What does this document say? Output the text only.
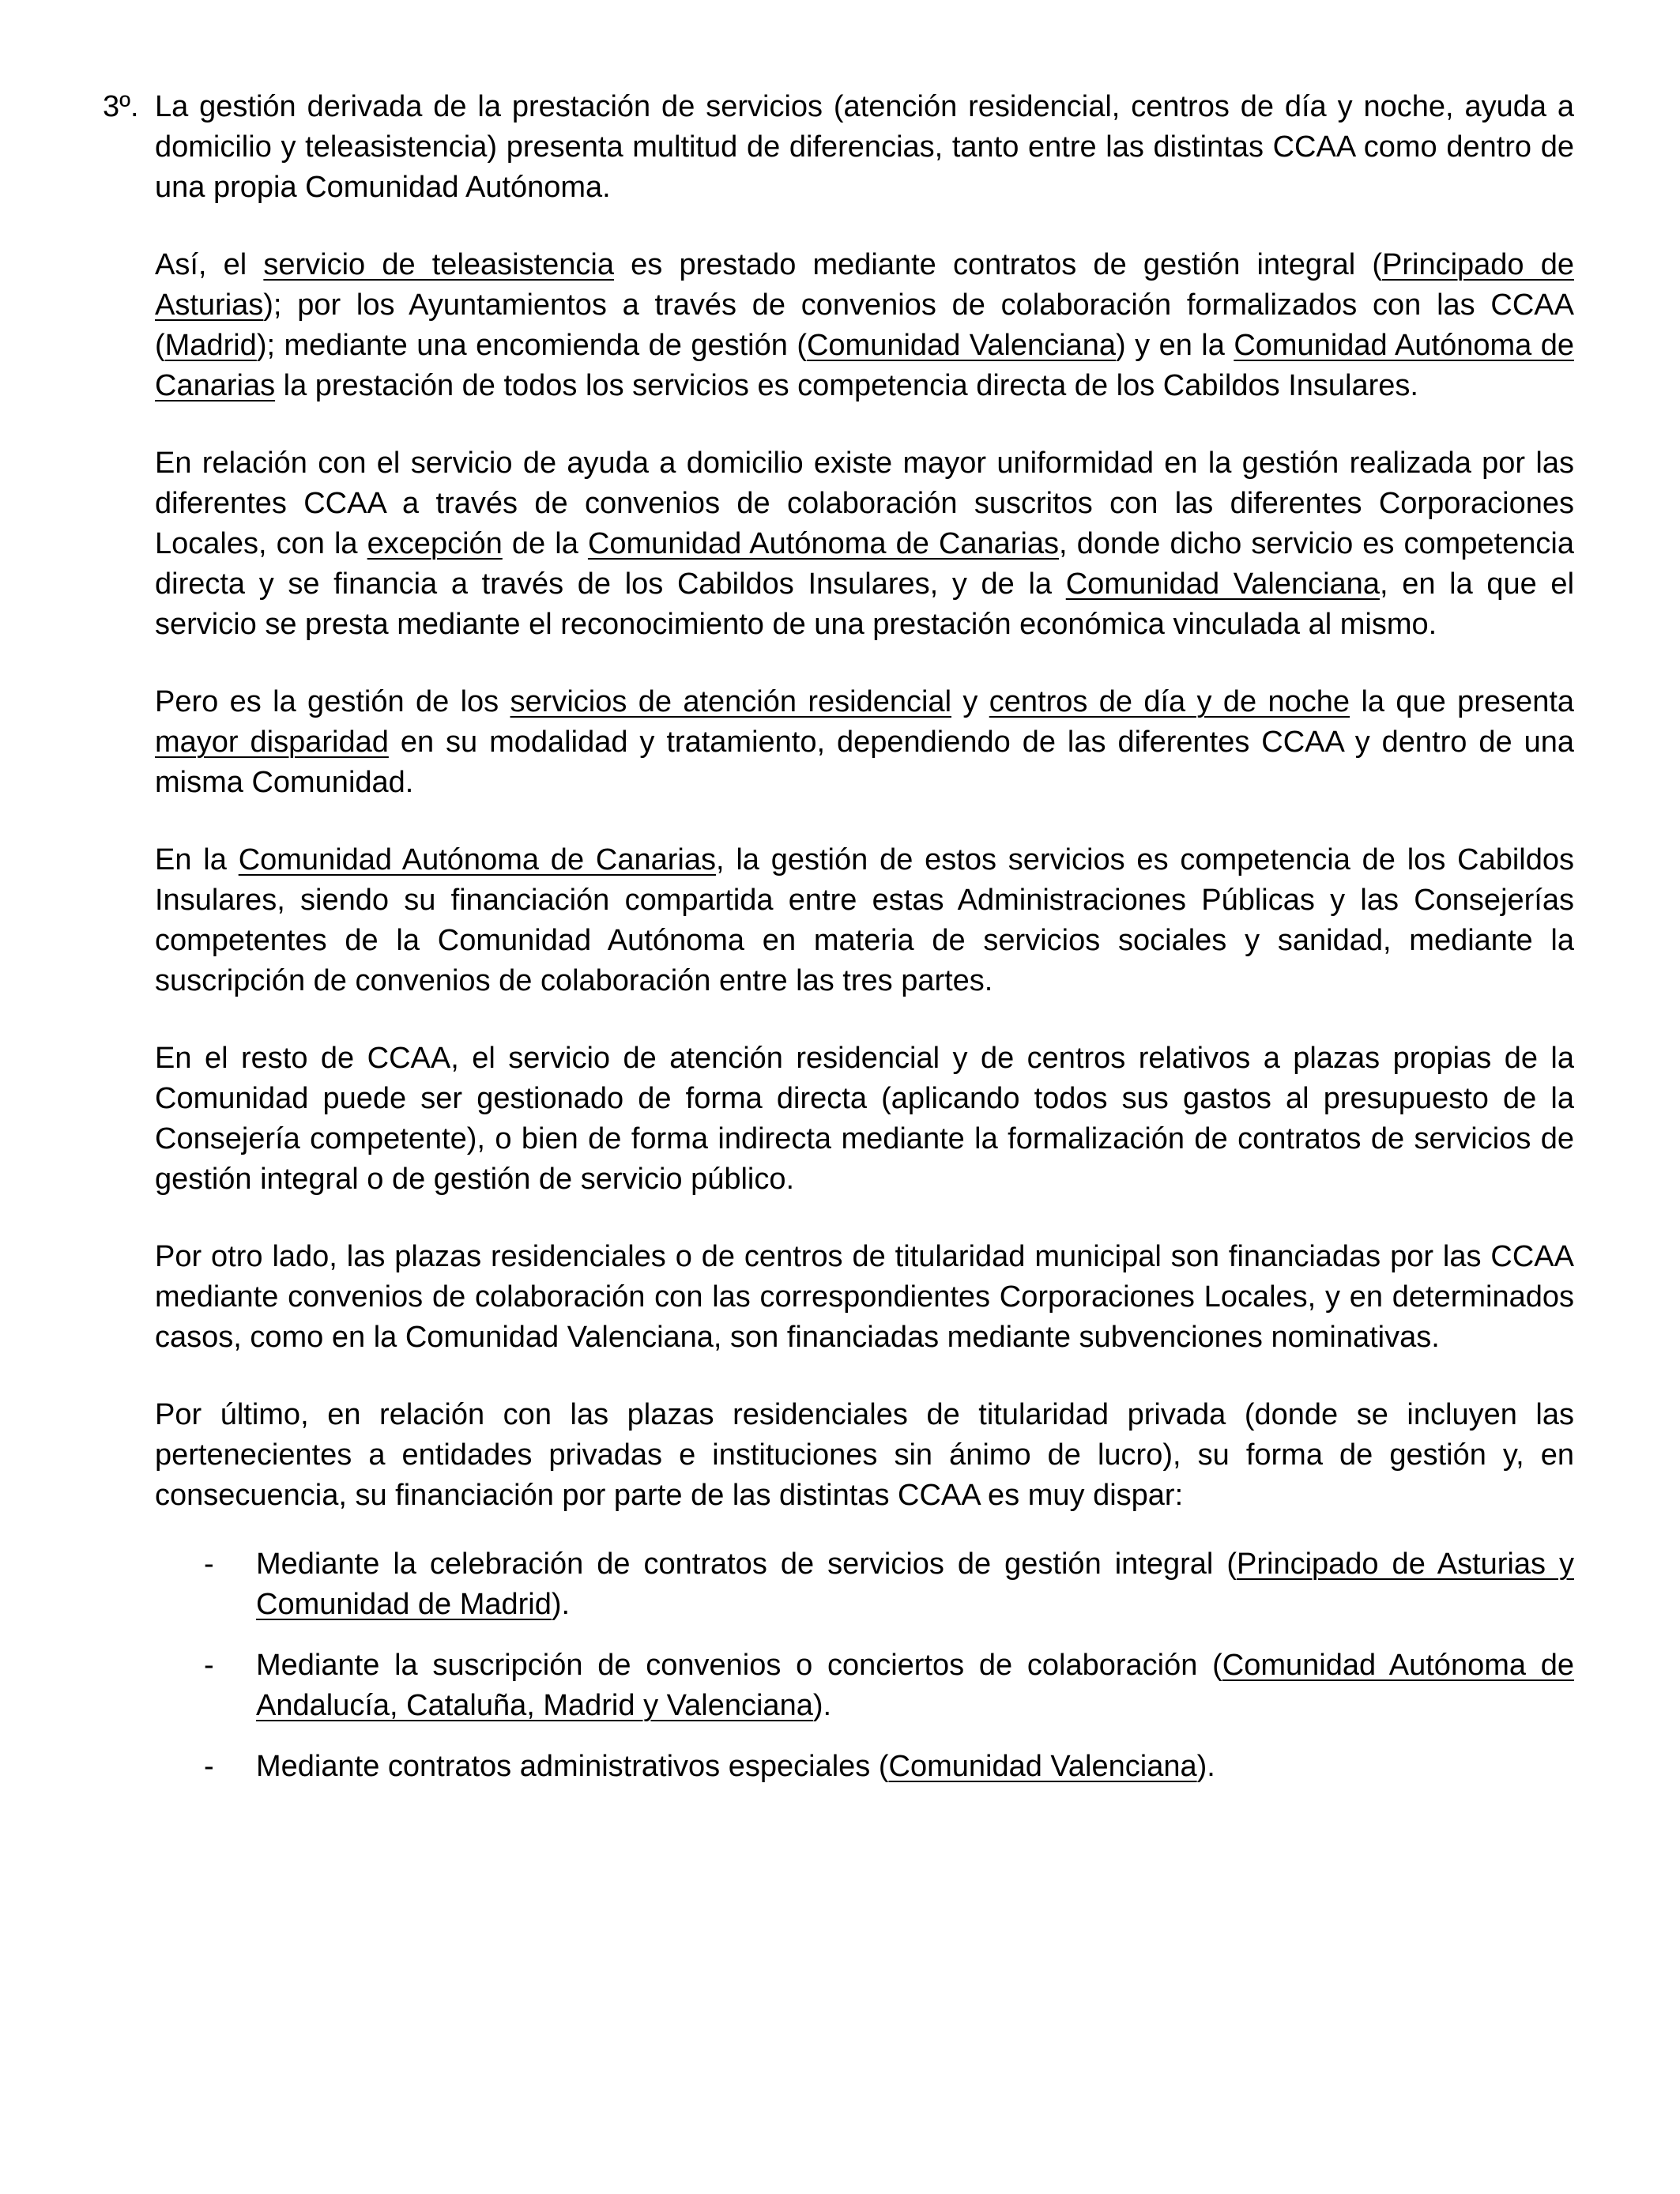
3º. La gestión derivada de la prestación de servicios (atención residencial, centros de día y noche, ayuda a domicilio y teleasistencia) presenta multitud de diferencias, tanto entre las distintas CCAA como dentro de una propia Comunidad Autónoma.

Así, el servicio de teleasistencia es prestado mediante contratos de gestión integral (Principado de Asturias); por los Ayuntamientos a través de convenios de colaboración formalizados con las CCAA (Madrid); mediante una encomienda de gestión (Comunidad Valenciana) y en la Comunidad Autónoma de Canarias la prestación de todos los servicios es competencia directa de los Cabildos Insulares.

En relación con el servicio de ayuda a domicilio existe mayor uniformidad en la gestión realizada por las diferentes CCAA a través de convenios de colaboración suscritos con las diferentes Corporaciones Locales, con la excepción de la Comunidad Autónoma de Canarias, donde dicho servicio es competencia directa y se financia a través de los Cabildos Insulares, y de la Comunidad Valenciana, en la que el servicio se presta mediante el reconocimiento de una prestación económica vinculada al mismo.

Pero es la gestión de los servicios de atención residencial y centros de día y de noche la que presenta mayor disparidad en su modalidad y tratamiento, dependiendo de las diferentes CCAA y dentro de una misma Comunidad.

En la Comunidad Autónoma de Canarias, la gestión de estos servicios es competencia de los Cabildos Insulares, siendo su financiación compartida entre estas Administraciones Públicas y las Consejerías competentes de la Comunidad Autónoma en materia de servicios sociales y sanidad, mediante la suscripción de convenios de colaboración entre las tres partes.

En el resto de CCAA, el servicio de atención residencial y de centros relativos a plazas propias de la Comunidad puede ser gestionado de forma directa (aplicando todos sus gastos al presupuesto de la Consejería competente), o bien de forma indirecta mediante la formalización de contratos de servicios de gestión integral o de gestión de servicio público.

Por otro lado, las plazas residenciales o de centros de titularidad municipal son financiadas por las CCAA mediante convenios de colaboración con las correspondientes Corporaciones Locales, y en determinados casos, como en la Comunidad Valenciana, son financiadas mediante subvenciones nominativas.

Por último, en relación con las plazas residenciales de titularidad privada (donde se incluyen las pertenecientes a entidades privadas e instituciones sin ánimo de lucro), su forma de gestión y, en consecuencia, su financiación por parte de las distintas CCAA es muy dispar:

- Mediante la celebración de contratos de servicios de gestión integral (Principado de Asturias y Comunidad de Madrid).
- Mediante la suscripción de convenios o conciertos de colaboración (Comunidad Autónoma de Andalucía, Cataluña, Madrid y Valenciana).
- Mediante contratos administrativos especiales (Comunidad Valenciana).
